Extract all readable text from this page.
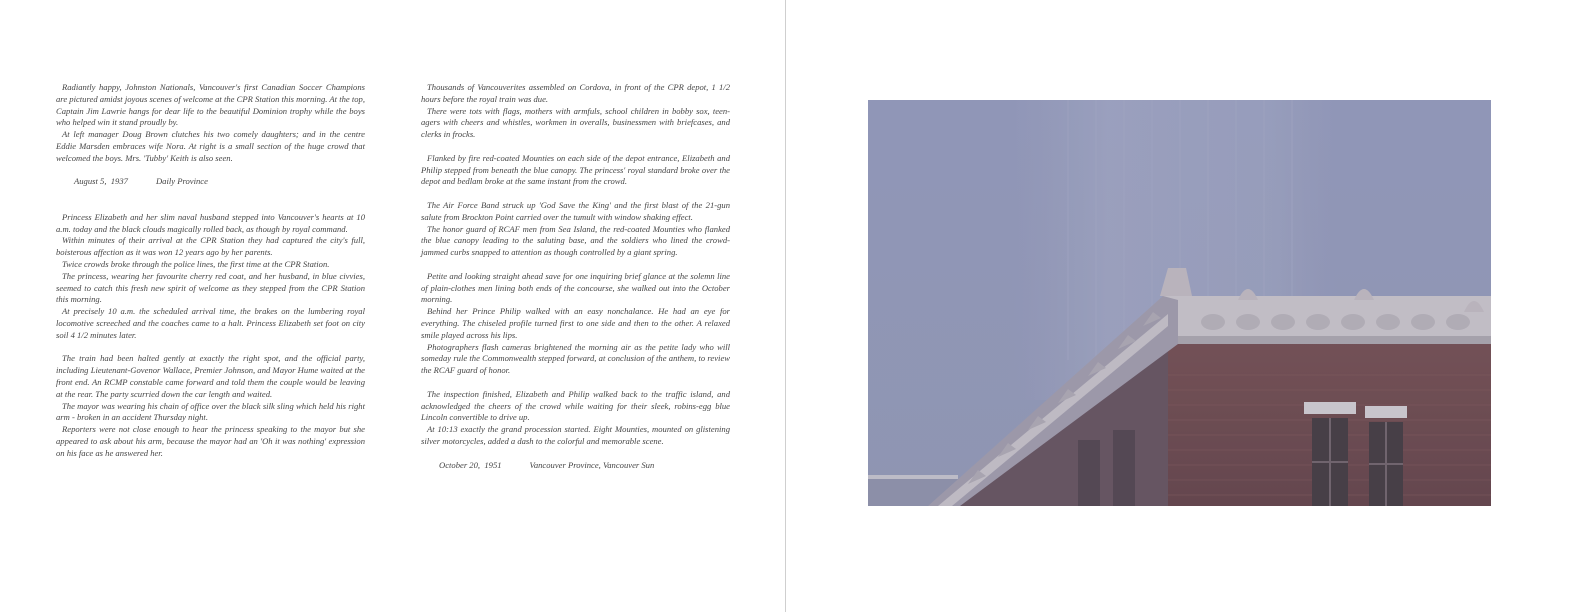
Radiantly happy, Johnston Nationals, Vancouver's first Canadian Soccer Champions are pictured amidst joyous scenes of welcome at the CPR Station this morning. At the top, Captain Jim Lawrie hangs for dear life to the beautiful Dominion trophy while the boys who helped win it stand proudly by.

At left manager Doug Brown clutches his two comely daughters; and in the centre Eddie Marsden embraces wife Nora. At right is a small section of the huge crowd that welcomed the boys. Mrs. 'Tubby' Keith is also seen.

August 5,  1937	Daily Province

Princess Elizabeth and her slim naval husband stepped into Vancouver's hearts at 10 a.m. today and the black clouds magically rolled back, as though by royal command.

Within minutes of their arrival at the CPR Station they had captured the city's full, boisterous affection as it was won 12 years ago by her parents.

Twice crowds broke through the police lines, the first time at the CPR Station.

The princess, wearing her favourite cherry red coat, and her husband, in blue civvies, seemed to catch this fresh new spirit of welcome as they stepped from the CPR Station this morning.

At precisely 10 a.m. the scheduled arrival time, the brakes on the lumbering royal locomotive screeched and the coaches came to a halt. Princess Elizabeth set foot on city soil 4 1/2 minutes later.

The train had been halted gently at exactly the right spot, and the official party, including Lieutenant-Govenor Wallace, Premier Johnson, and Mayor Hume waited at the front end. An RCMP constable came forward and told them the couple would be leaving at the rear. The party scurried down the car length and waited.

The mayor was wearing his chain of office over the black silk sling which held his right arm - broken in an accident Thursday night.

Reporters were not close enough to hear the princess speaking to the mayor but she appeared to ask about his arm, because the mayor had an 'Oh it was nothing' expression on his face as he answered her.

Thousands of Vancouverites assembled on Cordova, in front of the CPR depot, 1 1/2 hours before the royal train was due.

There were tots with flags, mothers with armfuls, school children in bobby sox, teen-agers with cheers and whistles, workmen in overalls, businessmen with briefcases, and clerks in frocks.

Flanked by fire red-coated Mounties on each side of the depot entrance, Elizabeth and Philip stepped from beneath the blue canopy. The princess' royal standard broke over the depot and bedlam broke at the same instant from the crowd.

The Air Force Band struck up 'God Save the King' and the first blast of the 21-gun salute from Brockton Point carried over the tumult with window shaking effect.

The honor guard of RCAF men from Sea Island, the red-coated Mounties who flanked the blue canopy leading to the saluting base, and the soldiers who lined the crowd-jammed curbs snapped to attention as though controlled by a giant spring.

Petite and looking straight ahead save for one inquiring brief glance at the solemn line of plain-clothes men lining both ends of the concourse, she walked out into the October morning.

Behind her Prince Philip walked with an easy nonchalance. He had an eye for everything. The chiseled profile turned first to one side and then to the other. A relaxed smile played across his lips.

Photographers flash cameras brightened the morning air as the petite lady who will someday rule the Commonwealth stepped forward, at conclusion of the anthem, to review the RCAF guard of honor.

The inspection finished, Elizabeth and Philip walked back to the traffic island, and acknowledged the cheers of the crowd while waiting for their sleek, robins-egg blue Lincoln convertible to drive up.

At 10:13 exactly the grand procession started. Eight Mounties, mounted on glistening silver motorcycles, added a dash to the colorful and memorable scene.

October 20,  1951	Vancouver Province, Vancouver Sun
